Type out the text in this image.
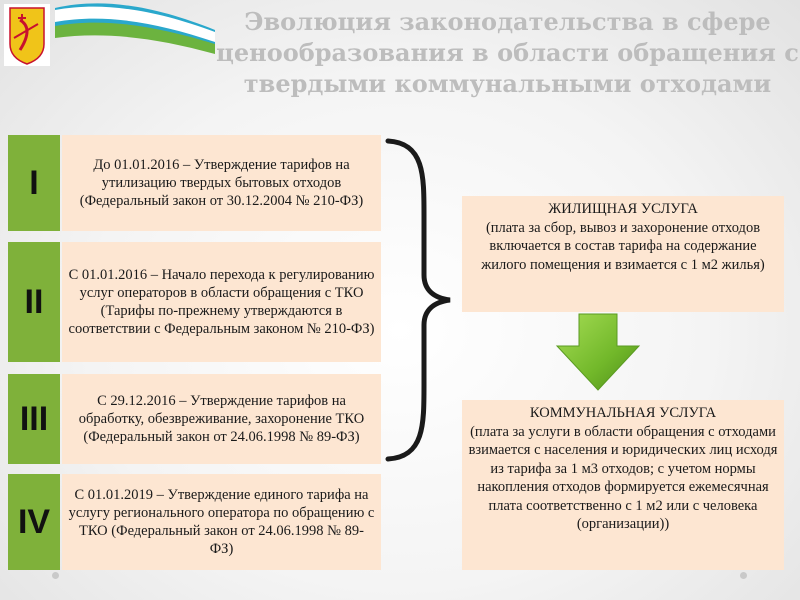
Эволюция законодательства в сфере
ценообразования в области обращения с
твердыми коммунальными отходами
I	До 01.01.2016 – Утверждение тарифов на утилизацию твердых бытовых отходов (Федеральный закон от 30.12.2004 № 210-ФЗ)
II
С 01.01.2016 – Начало перехода к регулированию услуг операторов в области обращения с ТКО (Тарифы по-прежнему утверждаются в соответствии с Федеральным законом № 210-ФЗ)
III	С 29.12.2016 – Утверждение тарифов на обработку, обезвреживание, захоронение ТКО (Федеральный закон от 24.06.1998 № 89-ФЗ)
IV
С 01.01.2019 – Утверждение единого тарифа на услугу регионального оператора по обращению с ТКО (Федеральный закон от 24.06.1998 № 89-ФЗ)
ЖИЛИЩНАЯ УСЛУГА
(плата за сбор, вывоз и захоронение отходов включается в состав тарифа на содержание жилого помещения и взимается с 1 м2 жилья)
КОММУНАЛЬНАЯ УСЛУГА
(плата за услуги в области обращения с отходами взимается с населения и юридических лиц исходя из тарифа за 1 м3 отходов; с учетом нормы накопления отходов формируется ежемесячная плата соответственно с 1 м2 или с человека (организации))
